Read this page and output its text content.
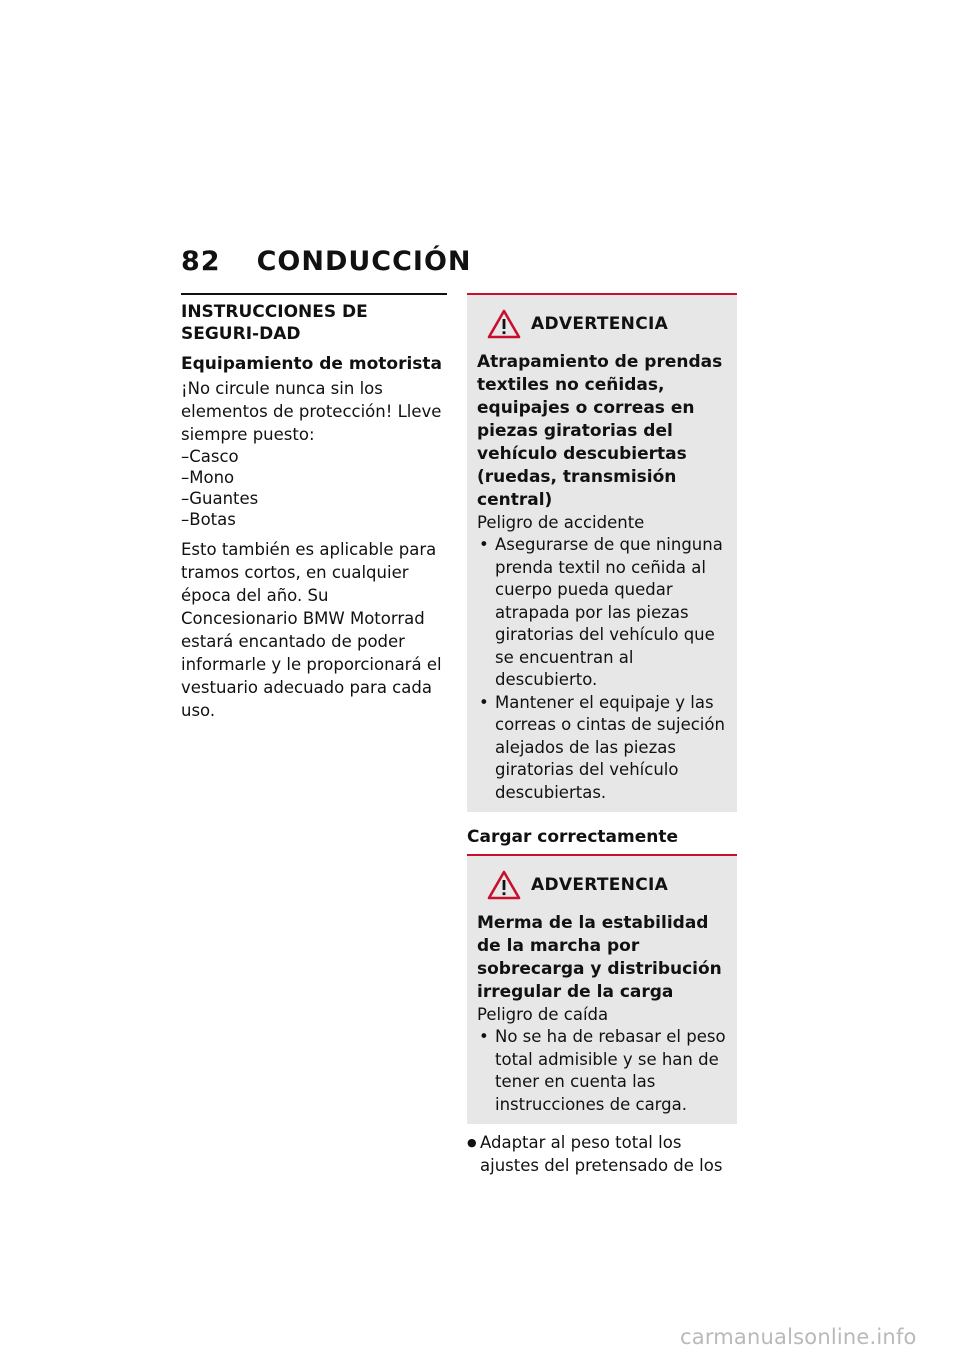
82 CONDUCCIÓN
INSTRUCCIONES DE SEGURI-DAD
Equipamiento de motorista

¡No circule nunca sin los elementos de protección! Lleve siempre puesto:

– Casco
– Mono
– Guantes
– Botas

Esto también es aplicable para tramos cortos, en cualquier época del año. Su Concesionario BMW Motorrad estará encantado de poder informarle y le proporcionará el vestuario adecuado para cada uso.

ADVERTENCIA

Atrapamiento de prendas textiles no ceñidas, equipajes o correas en piezas giratorias del vehículo descubiertas (ruedas, transmisión central)

Peligro de accidente

• Asegurarse de que ninguna prenda textil no ceñida al cuerpo pueda quedar atrapada por las piezas giratorias del vehículo que se encuentran al descubierto.
• Mantener el equipaje y las correas o cintas de sujeción alejados de las piezas giratorias del vehículo descubiertas.
Cargar correctamente
ADVERTENCIA

Merma de la estabilidad de la marcha por sobrecarga y distribución irregular de la carga

Peligro de caída

• No se ha de rebasar el peso total admisible y se han de tener en cuenta las instrucciones de carga.
● Adaptar al peso total los ajustes del pretensado de los
carmanualsonline.info
